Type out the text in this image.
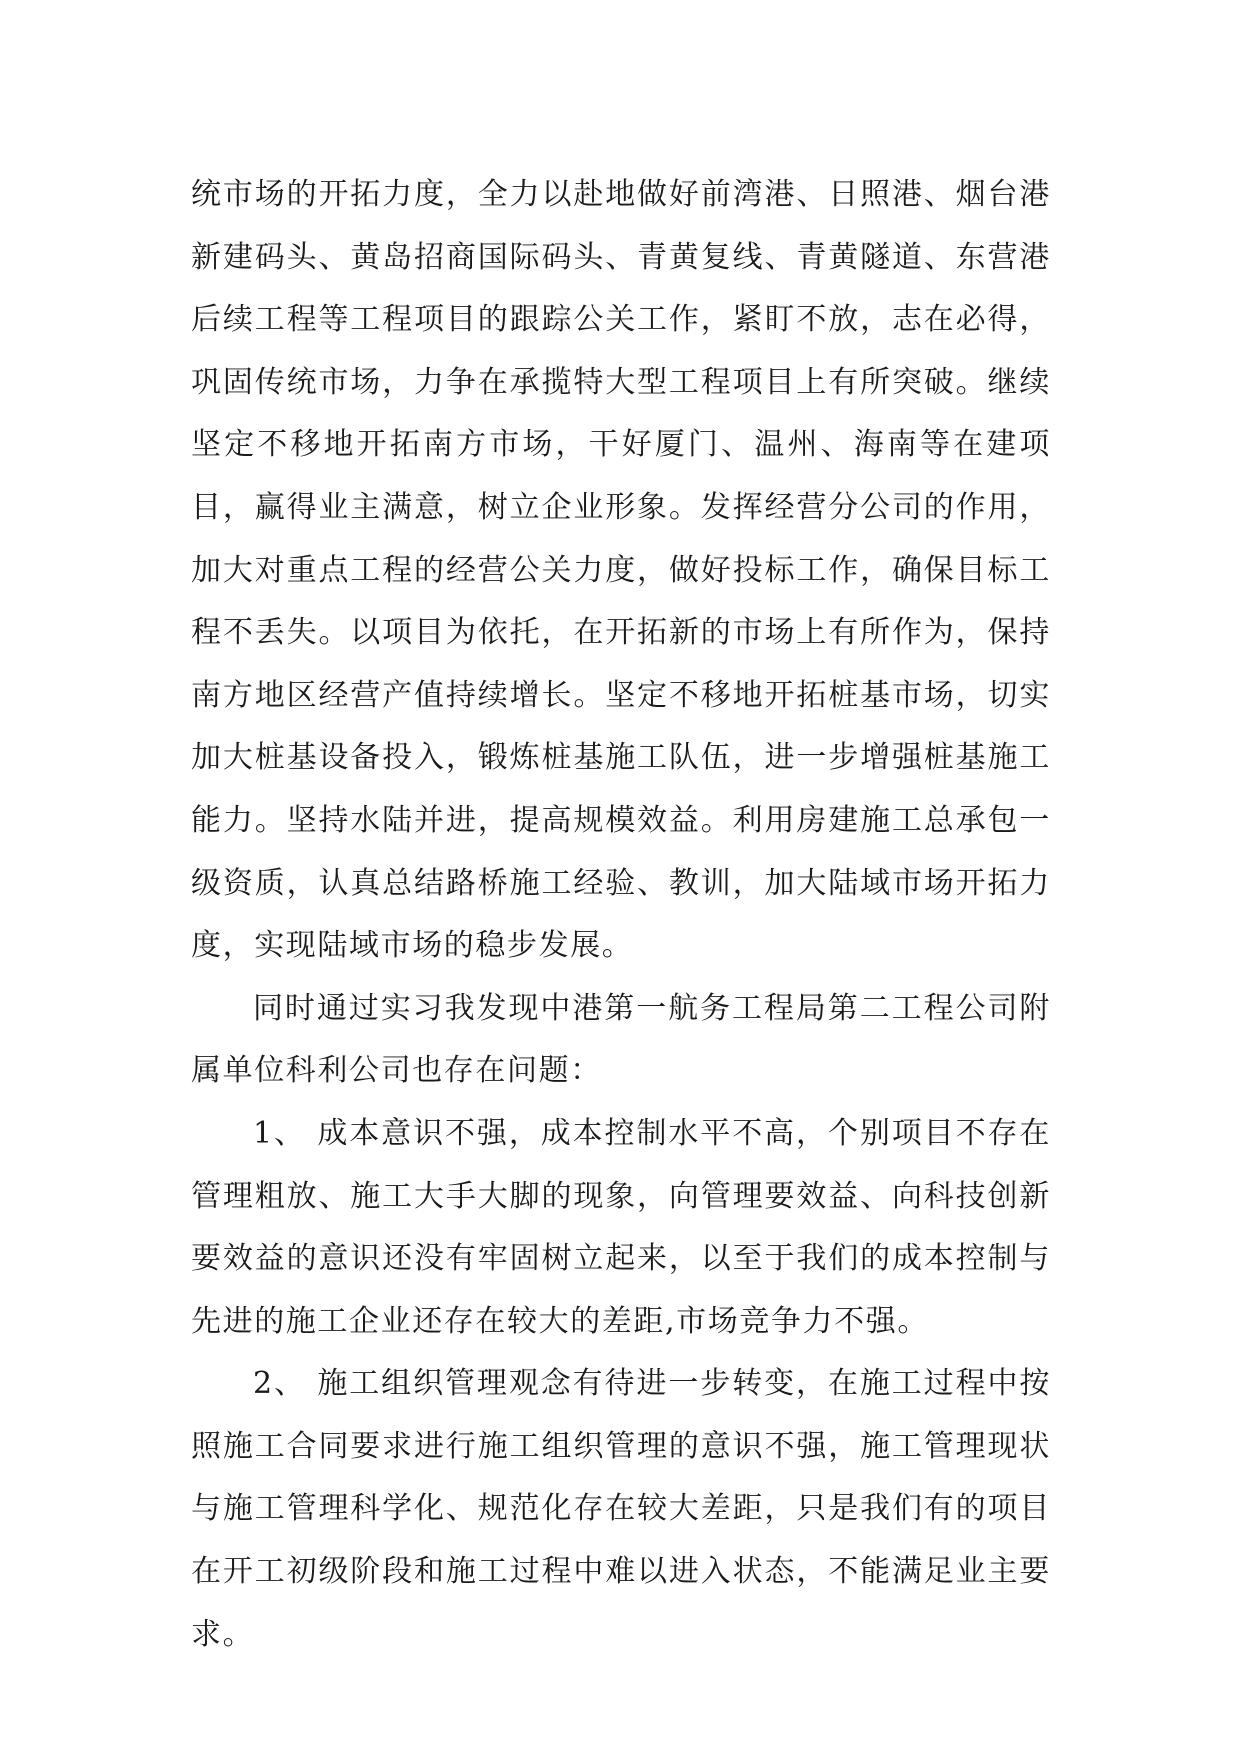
统市场的开拓力度，全力以赴地做好前湾港、日照港、烟台港新建码头、黄岛招商国际码头、青黄复线、青黄隧道、东营港后续工程等工程项目的跟踪公关工作，紧盯不放，志在必得，巩固传统市场，力争在承揽特大型工程项目上有所突破。继续坚定不移地开拓南方市场，干好厦门、温州、海南等在建项目，赢得业主满意，树立企业形象。发挥经营分公司的作用，加大对重点工程的经营公关力度，做好投标工作，确保目标工程不丢失。以项目为依托，在开拓新的市场上有所作为，保持南方地区经营产值持续增长。坚定不移地开拓桩基市场，切实加大桩基设备投入，锻炼桩基施工队伍，进一步增强桩基施工能力。坚持水陆并进，提高规模效益。利用房建施工总承包一级资质，认真总结路桥施工经验、教训，加大陆域市场开拓力度，实现陆域市场的稳步发展。

同时通过实习我发现中港第一航务工程局第二工程公司附属单位科利公司也存在问题：

1、 成本意识不强，成本控制水平不高，个别项目不存在管理粗放、施工大手大脚的现象，向管理要效益、向科技创新要效益的意识还没有牢固树立起来，以至于我们的成本控制与先进的施工企业还存在较大的差距,市场竞争力不强。

2、 施工组织管理观念有待进一步转变，在施工过程中按照施工合同要求进行施工组织管理的意识不强，施工管理现状与施工管理科学化、规范化存在较大差距，只是我们有的项目在开工初级阶段和施工过程中难以进入状态，不能满足业主要求。
